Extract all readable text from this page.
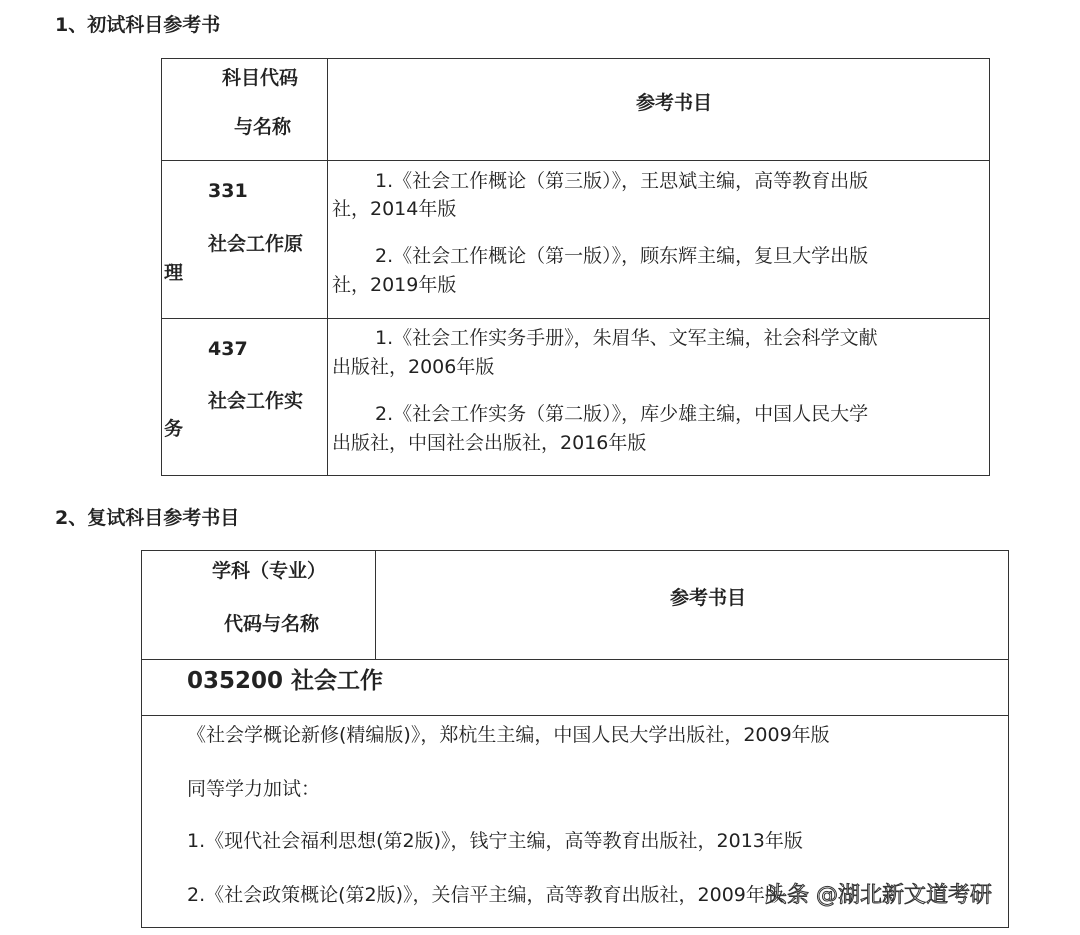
1、初试科目参考书
科目代码
与名称
参考书目
331
社会工作原
理
1.《社会工作概论（第三版）》，王思斌主编，高等教育出版
社，2014年版
2.《社会工作概论（第一版）》，顾东辉主编，复旦大学出版
社，2019年版
437
社会工作实
务
1.《社会工作实务手册》，朱眉华、文军主编，社会科学文献
出版社，2006年版
2.《社会工作实务（第二版）》，库少雄主编，中国人民大学
出版社，中国社会出版社，2016年版
2、复试科目参考书目
学科（专业）
代码与名称
参考书目
035200 社会工作
《社会学概论新修(精编版)》，郑杭生主编，中国人民大学出版社，2009年版
同等学力加试：
1.《现代社会福利思想(第2版)》，钱宁主编，高等教育出版社，2013年版
2.《社会政策概论(第2版)》，关信平主编，高等教育出版社，2009年版
头条 @湖北新文道考研
